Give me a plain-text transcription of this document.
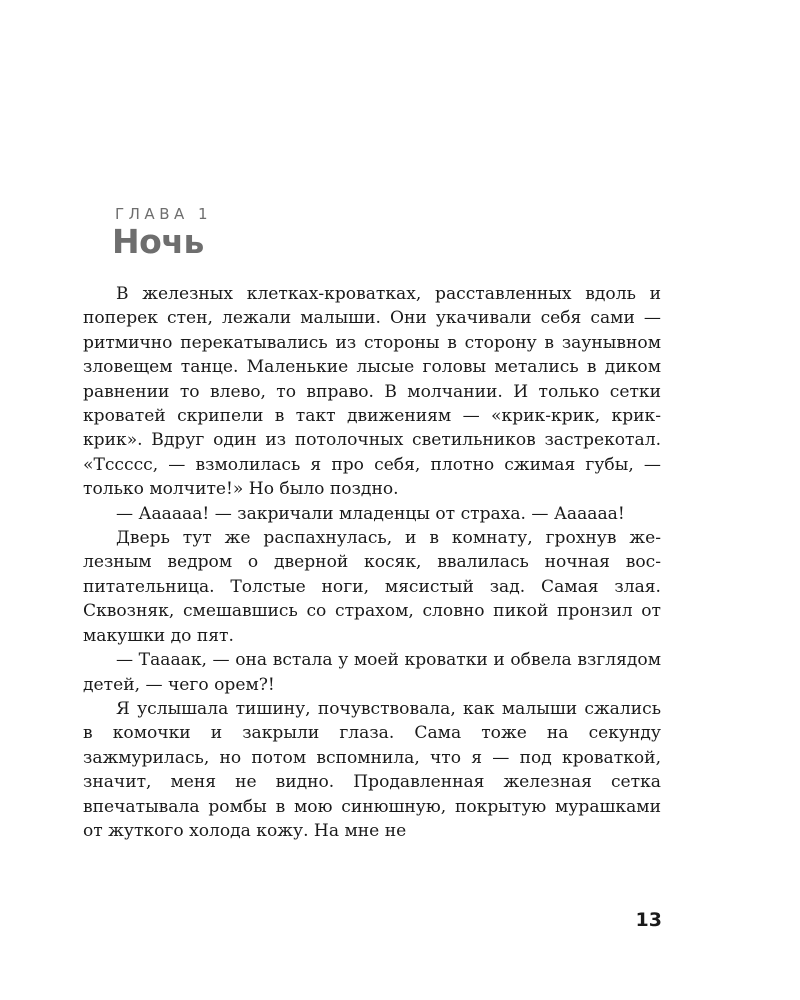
ГЛАВА 1
Ночь

В железных клетках-кроватках, расставленных вдоль и поперек стен, лежали малыши. Они укачивали себя сами — ритмично перекатывались из стороны в сторону в заунывном зловещем танце. Маленькие лысые головы метались в диком равнении то влево, то вправо. В молчании. И только сетки кроватей скрипели в такт движениям — «крик-крик, крик-крик». Вдруг один из потолочных светильников застрекотал. «Тссссс, — взмолилась я про себя, плотно сжимая губы, — только молчите!» Но было поздно.

— Аааааа! — закричали младенцы от страха. — Аааааа!

Дверь тут же распахнулась, и в комнату, грохнув железным ведром о дверной косяк, ввалилась ночная воспитательница. Толстые ноги, мясистый зад. Самая злая. Сквозняк, смешавшись со страхом, словно пикой пронзил от макушки до пят.

— Таааак, — она встала у моей кроватки и обвела взглядом детей, — чего орем?!

Я услышала тишину, почувствовала, как малыши сжались в комочки и закрыли глаза. Сама тоже на секунду зажмурилась, но потом вспомнила, что я — под кроваткой, значит, меня не видно. Продавленная железная сетка впечатывала ромбы в мою синюшную, покрытую мурашками от жуткого холода кожу. На мне не

13
